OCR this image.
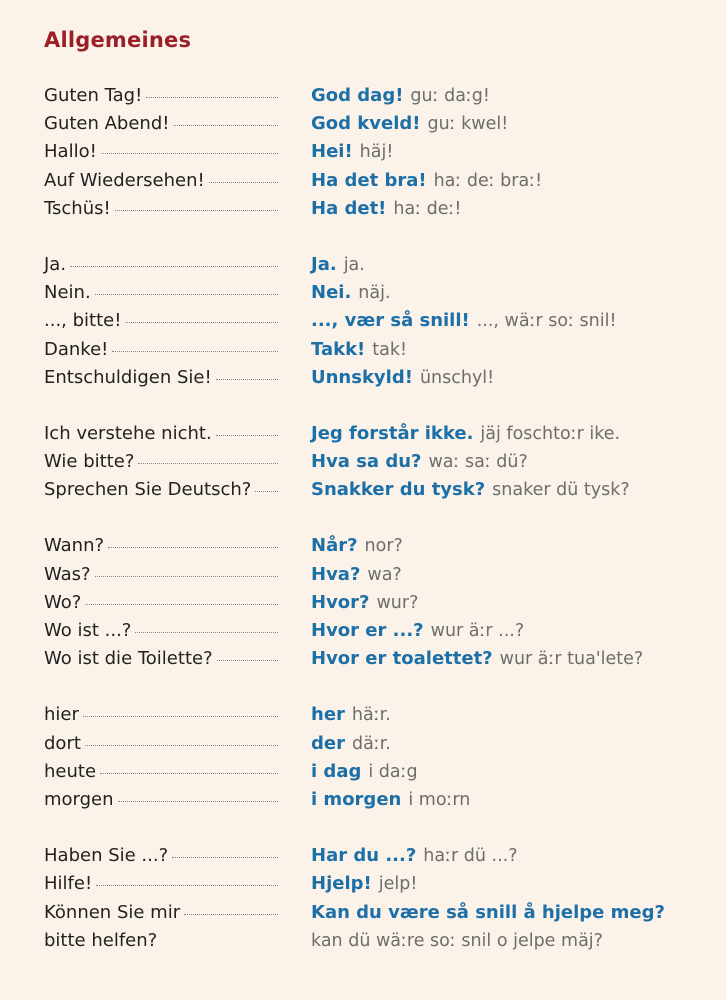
Allgemeines
Guten Tag!	God dag! guː daːg!
Guten Abend!	God kveld! guː kwel!
Hallo!	Hei! häj!
Auf Wiedersehen!	Ha det bra! haː deː braː!
Tschüs!	Ha det! haː deː!
Ja.	Ja. ja.
Nein.	Nei. näj.
..., bitte!	..., vær så snill! ..., wäːr soː snil!
Danke!	Takk! tak!
Entschuldigen Sie!	Unnskyld! ünschyl!
Ich verstehe nicht.	Jeg forstår ikke. jäj foschtoːr ike.
Wie bitte?	Hva sa du? waː saː dü?
Sprechen Sie Deutsch?	Snakker du tysk? snaker dü tysk?
Wann?	Når? nor?
Was?	Hva? wa?
Wo?	Hvor? wur?
Wo ist ...?	Hvor er ...? wur äːr ...?
Wo ist die Toilette?	Hvor er toalettet? wur äːr tua'lete?
hier	her häːr.
dort	der däːr.
heute	i dag i daːg
morgen	i morgen i moːrn
Haben Sie ...?	Har du ...? haːr dü ...?
Hilfe!	Hjelp! jelp!
Können Sie mir	Kan du være så snill å hjelpe meg?
bitte helfen?	kan dü wäːre soː snil o jelpe mäj?
